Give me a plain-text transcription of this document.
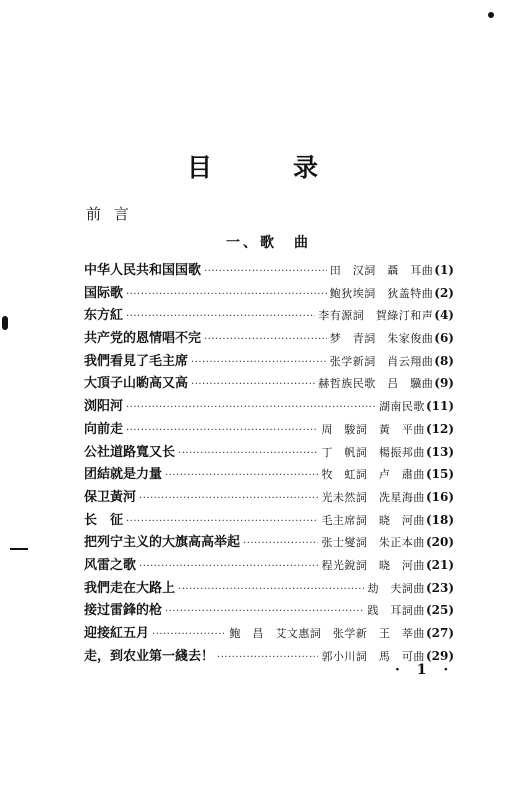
目　录
前 言
一、歌　曲
中华人民共和国国歌 ·····	田　汉詞　聶　耳曲 (1)
国际歌 ·····	鲍狄埃詞　狄盖特曲 (2)
东方紅 ·····	李有源詞　賀綠汀和声 (4)
共产党的恩情唱不完 ·····	梦　青詞　朱家俊曲 (6)
我們看見了毛主席 ·····	张学新詞　肖云翔曲 (8)
大頂子山喲高又高 ·····	赫哲族民歌　吕　驥曲 (9)
浏阳河 ·····	湖南民歌 (11)
向前走 ·····	周　駿詞　黃　平曲 (12)
公社道路寬又长 ·····	丁　帆詞　楊振邦曲 (13)
团結就是力量 ·····	牧　虹詞　卢　肅曲 (15)
保卫黃河 ·····	光未然詞　冼星海曲 (16)
长　征 ·····	毛主席詞　晓　河曲 (18)
把列宁主义的大旗高高举起 ·····	张士燮詞　朱正本曲 (20)
风雷之歌 ·····	程光銳詞　晓　河曲 (21)
我們走在大路上 ·····	劫　夫詞曲 (23)
接过雷鋒的枪 ·····	践　耳詞曲 (25)
迎接紅五月 ·····	鲍　昌　艾文惠詞　张学新　王　莘曲 (27)
走，到农业第一綫去！ ·····	郭小川詞　馬　可曲 (29)
· 1 ·
